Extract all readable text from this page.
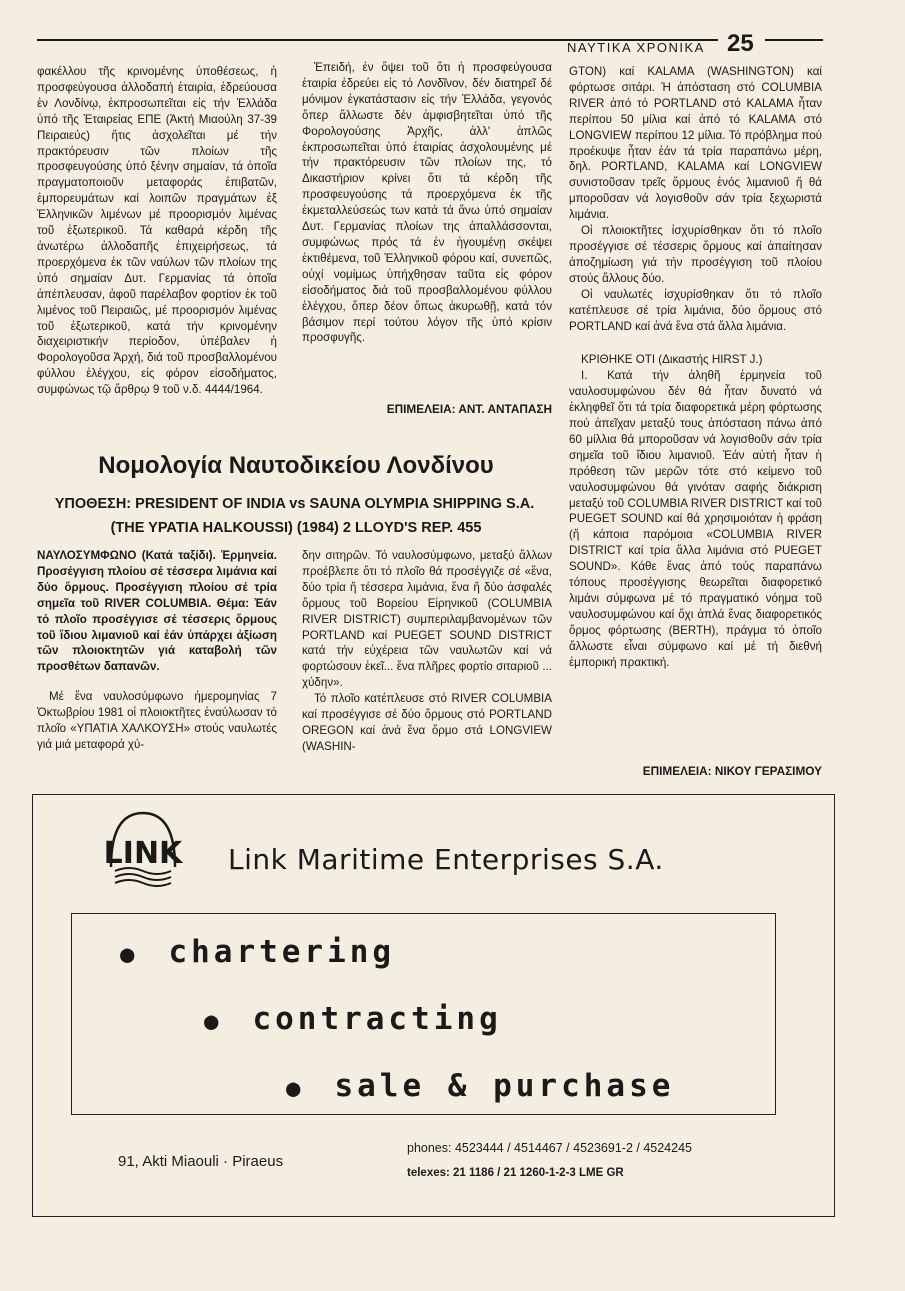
ΝΑΥΤΙΚΑ ΧΡΟΝΙΚΑ 25

φακέλλου τῆς κρινομένης ὑποθέσεως, ἡ προσφεύγουσα ἀλλοδαπή ἑταιρία, ἑδρεύουσα ἐν Λονδίνῳ, ἐκπροσωπεῖται εἰς τήν Ἑλλάδα ὑπό τῆς Ἑταιρείας ΕΠΕ (Ἀκτή Μιαούλη 37-39 Πειραιεύς) ἥτις ἀσχολεῖται μέ τήν πρακτόρευσιν τῶν πλοίων τῆς προσφευγούσης ὑπό ξένην σημαίαν, τά ὁποῖα πραγματοποιοῦν μεταφοράς ἐπιβατῶν, ἐμπορευμάτων καί λοιπῶν πραγμάτων ἐξ Ἑλληνικῶν λιμένων μέ προορισμόν λιμένας τοῦ ἐξωτερικοῦ. Τά καθαρά κέρδη τῆς ἀνωτέρω ἀλλοδαπῆς ἐπιχειρήσεως, τά προερχόμενα ἐκ τῶν ναύλων τῶν πλοίων της ὑπό σημαίαν Δυτ. Γερμανίας τά ὁποῖα ἀπέπλευσαν, ἀφοῦ παρέλαβον φορτίον ἐκ τοῦ λιμένος τοῦ Πειραιῶς, μέ προορισμόν λιμένας τοῦ ἐξωτερικοῦ, κατά τήν κρινομένην διαχειριστικήν περίοδον, ὑπέβαλεν ἡ Φορολογοῦσα Ἀρχή, διά τοῦ προσβαλλομένου φύλλου ἐλέγχου, εἰς φόρον εἰσοδήματος, συμφώνως τῷ ἄρθρῳ 9 τοῦ ν.δ. 4444/1964.

Ἐπειδή, ἐν ὄψει τοῦ ὅτι ἡ προσφεύγουσα ἑταιρία ἑδρεύει εἰς τό Λονδῖνον, δέν διατηρεῖ δέ μόνιμον ἐγκατάστασιν εἰς τήν Ἑλλάδα, γεγονός ὅπερ ἄλλωστε δέν ἀμφισβητεῖται ὑπό τῆς Φορολογούσης Ἀρχῆς, ἀλλ' ἁπλῶς ἐκπροσωπεῖται ὑπό ἑταιρίας ἀσχολουμένης μέ τήν πρακτόρευσιν τῶν πλοίων της, τό Δικαστήριον κρίνει ὅτι τά κέρδη τῆς προσφευγούσης τά προερχόμενα ἐκ τῆς ἐκμεταλλεύσεώς των κατά τά ἄνω ὑπό σημαίαν Δυτ. Γερμανίας πλοίων της ἀπαλλάσσονται, συμφώνως πρός τά ἐν ἡγουμένῃ σκέψει ἐκτιθέμενα, τοῦ Ἑλληνικοῦ φόρου καί, συνεπῶς, οὐχί νομίμως ὑπήχθησαν ταῦτα εἰς φόρον εἰσοδήματος διά τοῦ προσβαλλομένου φύλλου ἐλέγχου, ὅπερ δέον ὅπως ἀκυρωθῇ, κατά τόν βάσιμον περί τούτου λόγον τῆς ὑπό κρίσιν προσφυγῆς.

ΕΠΙΜΕΛΕΙΑ: ΑΝΤ. ΑΝΤΑΠΑΣΗ

GTON) καί KALAMA (WASHINGTON) καί φόρτωσε σιτάρι. Ἡ ἀπόσταση στό COLUMBIA RIVER ἀπό τό PORTLAND στό KALAMA ἦταν περίπου 50 μίλια καί ἀπό τό KALAMA στό LONGVIEW περίπου 12 μίλια. Τό πρόβλημα πού προέκυψε ἦταν ἐάν τά τρία παραπάνω μέρη, δηλ. PORTLAND, KALAMA καί LONGVIEW συνιστοῦσαν τρεῖς ὅρμους ἑνός λιμανιοῦ ἤ θά μποροῦσαν νά λογισθοῦν σάν τρία ξεχωριστά λιμάνια.

Οἱ πλοιοκτῆτες ἰσχυρίσθηκαν ὅτι τό πλοῖο προσέγγισε σέ τέσσερις ὅρμους καί ἀπαίτησαν ἀποζημίωση γιά τήν προσέγγιση τοῦ πλοίου στούς ἄλλους δύο.

Οἱ ναυλωτές ἰσχυρίσθηκαν ὅτι τό πλοῖο κατέπλευσε σέ τρία λιμάνια, δύο ὅρμους στό PORTLAND καί ἀνά ἕνα στά ἄλλα λιμάνια.

ΚΡΙΘΗΚΕ ΟΤΙ (Δικαστής HIRST J.)

Ι. Κατά τήν ἀληθῆ ἑρμηνεία τοῦ ναυλοσυμφώνου δέν θά ἦταν δυνατό νά ἐκληφθεῖ ὅτι τά τρία διαφορετικά μέρη φόρτωσης πού ἀπεῖχαν μεταξύ τους ἀπόσταση πάνω ἀπό 60 μίλλια θά μποροῦσαν νά λογισθοῦν σάν τρία σημεῖα τοῦ ἴδιου λιμανιοῦ. Ἐάν αὐτή ἦταν ἡ πρόθεση τῶν μερῶν τότε στό κείμενο τοῦ ναυλοσυμφώνου θά γινόταν σαφής διάκριση μεταξύ τοῦ COLUMBIA RIVER DISTRICT καί τοῦ PUEGET SOUND καί θά χρησιμοιόταν ἡ φράση (ἤ κάποια παρόμοια «COLUMBIA RIVER DISTRICT καί τρία ἄλλα λιμάνια στό PUEGET SOUND». Κάθε ἕνας ἀπό τούς παραπάνω τόπους προσέγγισης θεωρεῖται διαφορετικό λιμάνι σύμφωνα μέ τό πραγματικό νόημα τοῦ ναυλοσυμφώνου καί ὄχι ἁπλά ἕνας διαφορετικός ὅρμος φόρτωσης (BERTH), πράγμα τό ὁποῖο ἄλλωστε εἶναι σύμφωνο καί μέ τή διεθνή ἐμπορική πρακτική.

ΕΠΙΜΕΛΕΙΑ: ΝΙΚΟΥ ΓΕΡΑΣΙΜΟΥ
Νομολογία Ναυτοδικείου Λονδίνου
ΥΠΟΘΕΣΗ: PRESIDENT OF INDIA vs SAUNA OLYMPIA SHIPPING S.A.
(THE YPATIA HALKOUSSI) (1984) 2 LLOYD'S REP. 455

ΝΑΥΛΟΣΥΜΦΩΝΟ (Κατά ταξίδι). Ἑρμηνεία. Προσέγγιση πλοίου σέ τέσσερα λιμάνια καί δύο ὅρμους. Προσέγγιση πλοίου σέ τρία σημεῖα τοῦ RIVER COLUMBIA. Θέμα: Ἐάν τό πλοῖο προσέγγισε σέ τέσσερις ὅρμους τοῦ ἴδιου λιμανιοῦ καί ἐάν ὑπάρχει ἀξίωση τῶν πλοιοκτητῶν γιά καταβολή τῶν προσθέτων δαπανῶν.

Μέ ἕνα ναυλοσύμφωνο ἡμερομηνίας 7 Ὀκτωβρίου 1981 οἱ πλοιοκτῆτες ἐναύλωσαν τό πλοῖο «ΥΠΑΤΙΑ ΧΑΛΚΟΥΣΗ» στούς ναυλωτές γιά μιά μεταφορά χύ-

δην σιτηρῶν. Τό ναυλοσύμφωνο, μεταξύ ἄλλων προέβλεπε ὅτι τό πλοῖο θά προσέγγιζε σέ «ἕνα, δύο τρία ἤ τέσσερα λιμάνια, ἕνα ἤ δύο ἀσφαλές ὅρμους τοῦ Βορείου Εἰρηνικοῦ (COLUMBIA RIVER DISTRICT) συμπεριλαμβανομένων τῶν PORTLAND καί PUEGET SOUND DISTRICT κατά τήν εὐχέρεια τῶν ναυλωτῶν καί νά φορτώσουν ἐκεῖ... ἕνα πλῆρες φορτίο σιταριοῦ ... χύδην».

Τό πλοῖο κατέπλευσε στό RIVER COLUMBIA καί προσέγγισε σέ δύο ὅρμους στό PORTLAND OREGON καί ἀνά ἕνα ὅρμο στά LONGVIEW (WASHIN-

LINK Link Maritime Enterprises S.A.
● chartering
● contracting
● sale & purchase
91, Akti Miaouli · Piraeus
phones: 4523444 / 4514467 / 4523691-2 / 4524245
telexes: 21 1186 / 21 1260-1-2-3 LME GR
